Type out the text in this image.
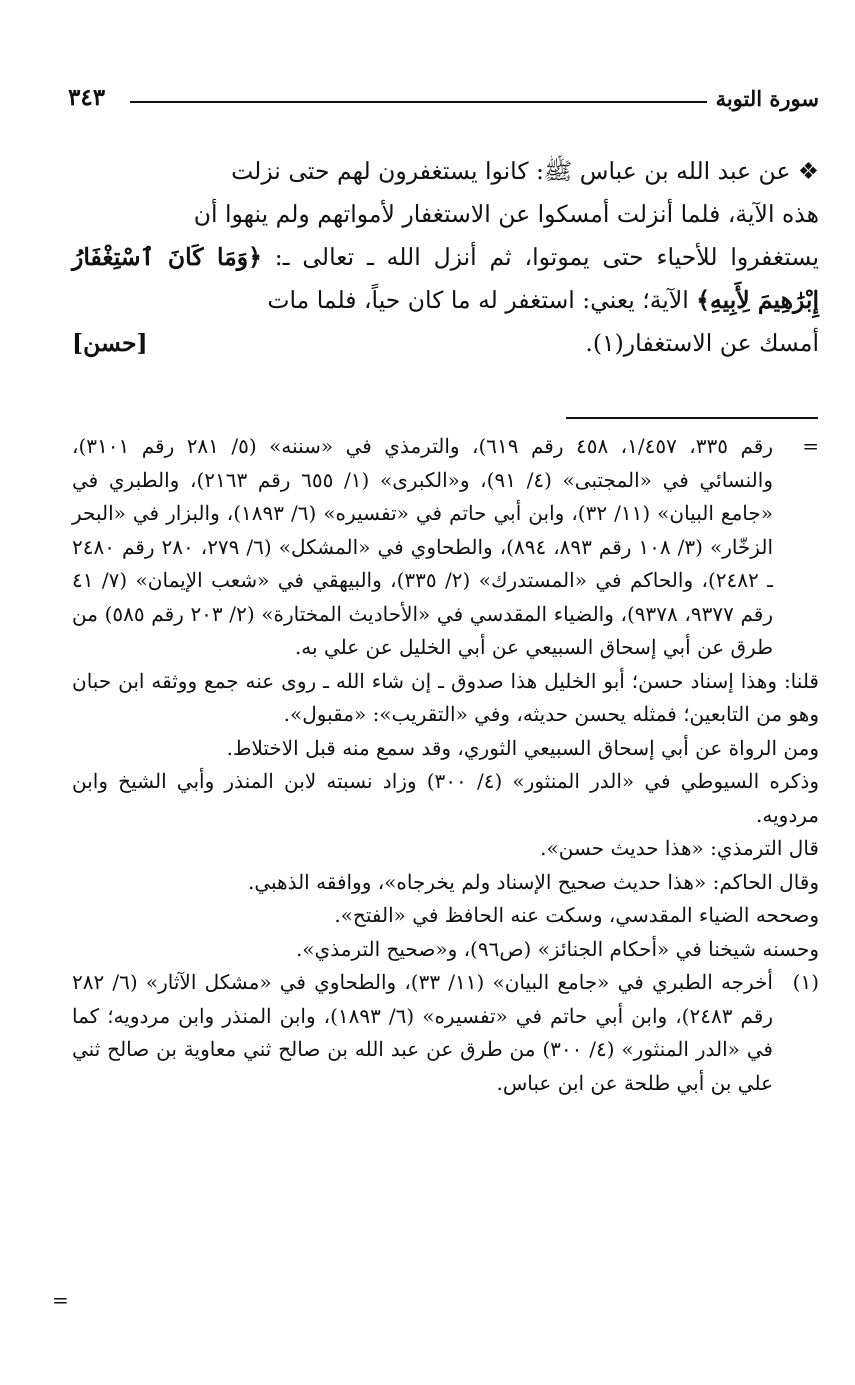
سورة التوبة
٣٤٣

❖ عن عبد الله بن عباس ﷺ: كانوا يستغفرون لهم حتى نزلت

هذه الآية، فلما أنزلت أمسكوا عن الاستغفار لأمواتهم ولم ينهوا أن

يستغفروا للأحياء حتى يموتوا، ثم أنزل الله ـ تعالى ـ: ﴿وَمَا كَانَ ٱسْتِغْفَارُ إِبْرَٰهِيمَ لِأَبِيهِ﴾ الآية؛ يعني: استغفر له ما كان حياً، فلما مات

أمسك عن الاستغفار(١).
[حسن]

=
رقم ٣٣٥، ١/٤٥٧، ٤٥٨ رقم ٦١٩)، والترمذي في «سننه» (٥/ ٢٨١ رقم ٣١٠١)، والنسائي في «المجتبى» (٤/ ٩١)، و«الكبرى» (١/ ٦٥٥ رقم ٢١٦٣)، والطبري في «جامع البيان» (١١/ ٣٢)، وابن أبي حاتم في «تفسيره» (٦/ ١٨٩٣)، والبزار في «البحر الزخّار» (٣/ ١٠٨ رقم ٨٩٣، ٨٩٤)، والطحاوي في «المشكل» (٦/ ٢٧٩، ٢٨٠ رقم ٢٤٨٠ ـ ٢٤٨٢)، والحاكم في «المستدرك» (٢/ ٣٣٥)، والبيهقي في «شعب الإيمان» (٧/ ٤١ رقم ٩٣٧٧، ٩٣٧٨)، والضياء المقدسي في «الأحاديث المختارة» (٢/ ٢٠٣ رقم ٥٨٥) من طرق عن أبي إسحاق السبيعي عن أبي الخليل عن علي به.

قلنا: وهذا إسناد حسن؛ أبو الخليل هذا صدوق ـ إن شاء الله ـ روى عنه جمع ووثقه ابن حبان وهو من التابعين؛ فمثله يحسن حديثه، وفي «التقريب»: «مقبول».

ومن الرواة عن أبي إسحاق السبيعي الثوري، وقد سمع منه قبل الاختلاط.

وذكره السيوطي في «الدر المنثور» (٤/ ٣٠٠) وزاد نسبته لابن المنذر وأبي الشيخ وابن مردويه.

قال الترمذي: «هذا حديث حسن».

وقال الحاكم: «هذا حديث صحيح الإسناد ولم يخرجاه»، ووافقه الذهبي.

وصححه الضياء المقدسي، وسكت عنه الحافظ في «الفتح».

وحسنه شيخنا في «أحكام الجنائز» (ص٩٦)، و«صحيح الترمذي».

(١)
أخرجه الطبري في «جامع البيان» (١١/ ٣٣)، والطحاوي في «مشكل الآثار» (٦/ ٢٨٢ رقم ٢٤٨٣)، وابن أبي حاتم في «تفسيره» (٦/ ١٨٩٣)، وابن المنذر وابن مردويه؛ كما في «الدر المنثور» (٤/ ٣٠٠) من طرق عن عبد الله بن صالح ثني معاوية بن صالح ثني علي بن أبي طلحة عن ابن عباس.

=
